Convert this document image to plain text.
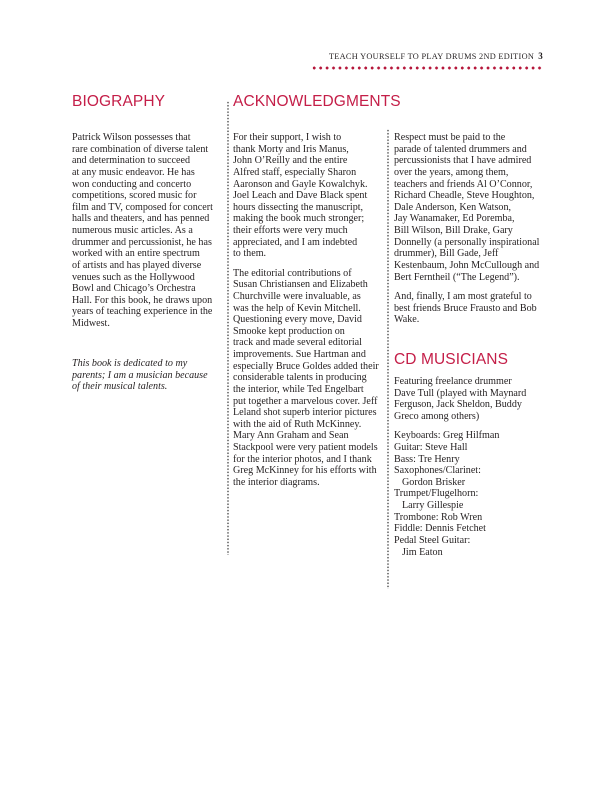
TEACH YOURSELF TO PLAY DRUMS 2ND EDITION 3
BIOGRAPHY	ACKNOWLEDGMENTS
CD MUSICIANS

Patrick Wilson possesses that
rare combination of diverse talent
and determination to succeed
at any music endeavor. He has
won conducting and concerto
competitions, scored music for
film and TV, composed for concert
halls and theaters, and has penned
numerous music articles. As a
drummer and percussionist, he has
worked with an entire spectrum
of artists and has played diverse
venues such as the Hollywood
Bowl and Chicago’s Orchestra
Hall. For this book, he draws upon
years of teaching experience in the
Midwest.

This book is dedicated to my
parents; I am a musician because
of their musical talents.

For their support, I wish to
thank Morty and Iris Manus,
John O’Reilly and the entire
Alfred staff, especially Sharon
Aaronson and Gayle Kowalchyk.
Joel Leach and Dave Black spent
hours dissecting the manuscript,
making the book much stronger;
their efforts were very much
appreciated, and I am indebted
to them.

The editorial contributions of
Susan Christiansen and Elizabeth
Churchville were invaluable, as
was the help of Kevin Mitchell.
Questioning every move, David
Smooke kept production on
track and made several editorial
improvements. Sue Hartman and
especially Bruce Goldes added their
considerable talents in producing
the interior, while Ted Engelbart
put together a marvelous cover. Jeff
Leland shot superb interior pictures
with the aid of Ruth McKinney.
Mary Ann Graham and Sean
Stackpool were very patient models
for the interior photos, and I thank
Greg McKinney for his efforts with
the interior diagrams.

Respect must be paid to the
parade of talented drummers and
percussionists that I have admired
over the years, among them,
teachers and friends Al O’Connor,
Richard Cheadle, Steve Houghton,
Dale Anderson, Ken Watson,
Jay Wanamaker, Ed Poremba,
Bill Wilson, Bill Drake, Gary
Donnelly (a personally inspirational
drummer), Bill Gade, Jeff
Kestenbaum, John McCullough and
Bert Ferntheil (“The Legend”).

And, finally, I am most grateful to
best friends Bruce Frausto and Bob
Wake.

Featuring freelance drummer
Dave Tull (played with Maynard
Ferguson, Jack Sheldon, Buddy
Greco among others)

Keyboards: Greg Hilfman
Guitar: Steve Hall
Bass: Tre Henry
Saxophones/Clarinet:
Gordon Brisker
Trumpet/Flugelhorn:
Larry Gillespie
Trombone: Rob Wren
Fiddle: Dennis Fetchet
Pedal Steel Guitar:
Jim Eaton
